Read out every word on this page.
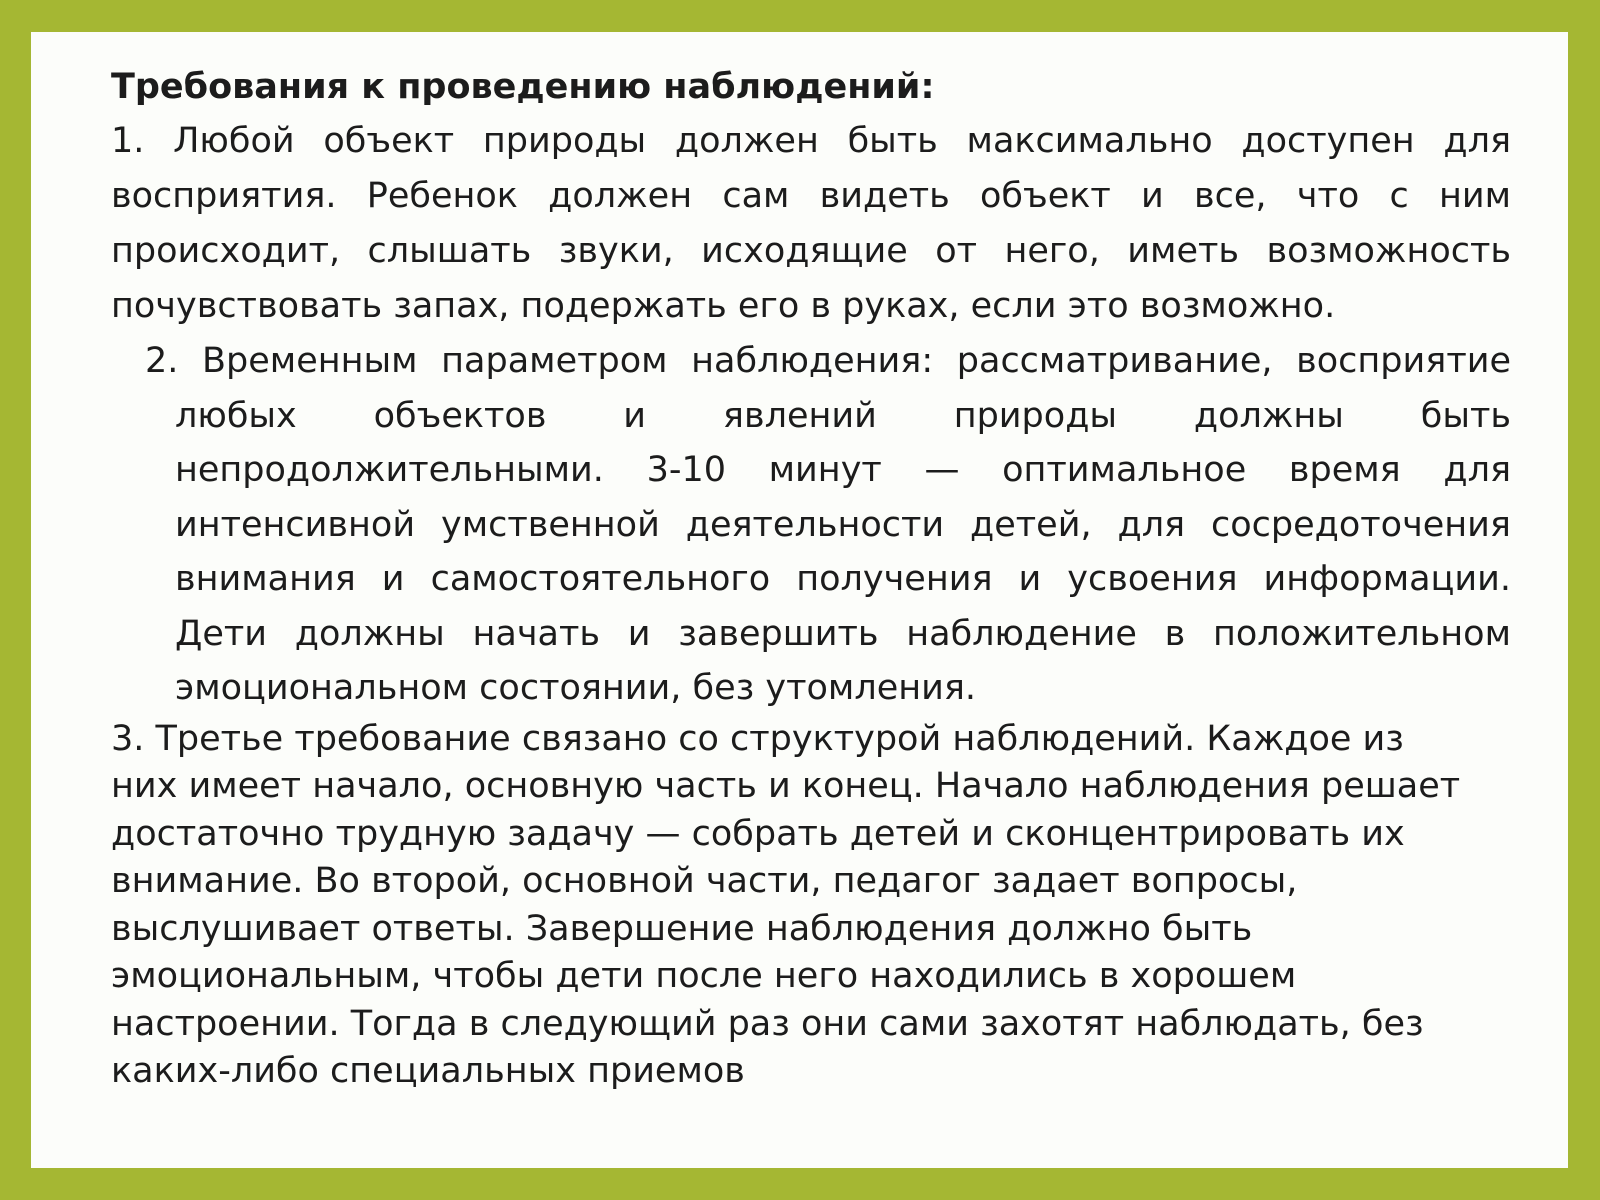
Требования к проведению наблюдений:

1. Любой объект природы должен быть максимально доступен для восприятия. Ребенок должен сам видеть объект и все, что с ним происходит, слышать звуки, исходящие от него, иметь возможность почувствовать запах, подержать его в руках, если это возможно.

2. Временным параметром наблюдения: рассматривание, восприятие любых объектов и явлений природы должны быть непродолжительными. 3-10 минут — оптимальное время для интенсивной умственной деятельности детей, для сосредоточения внимания и самостоятельного получения и усвоения информации. Дети должны начать и завершить наблюдение в положительном эмоциональном состоянии, без утомления.

3. Третье требование связано со структурой наблюдений. Каждое из них имеет начало, основную часть и конец. Начало наблюдения решает достаточно трудную задачу — собрать детей и сконцентрировать их внимание. Во второй, основной части, педагог задает вопросы, выслушивает ответы. Завершение наблюдения должно быть эмоциональным, чтобы дети после него находились в хорошем настроении. Тогда в следующий раз они сами захотят наблюдать, без каких-либо специальных приемов
